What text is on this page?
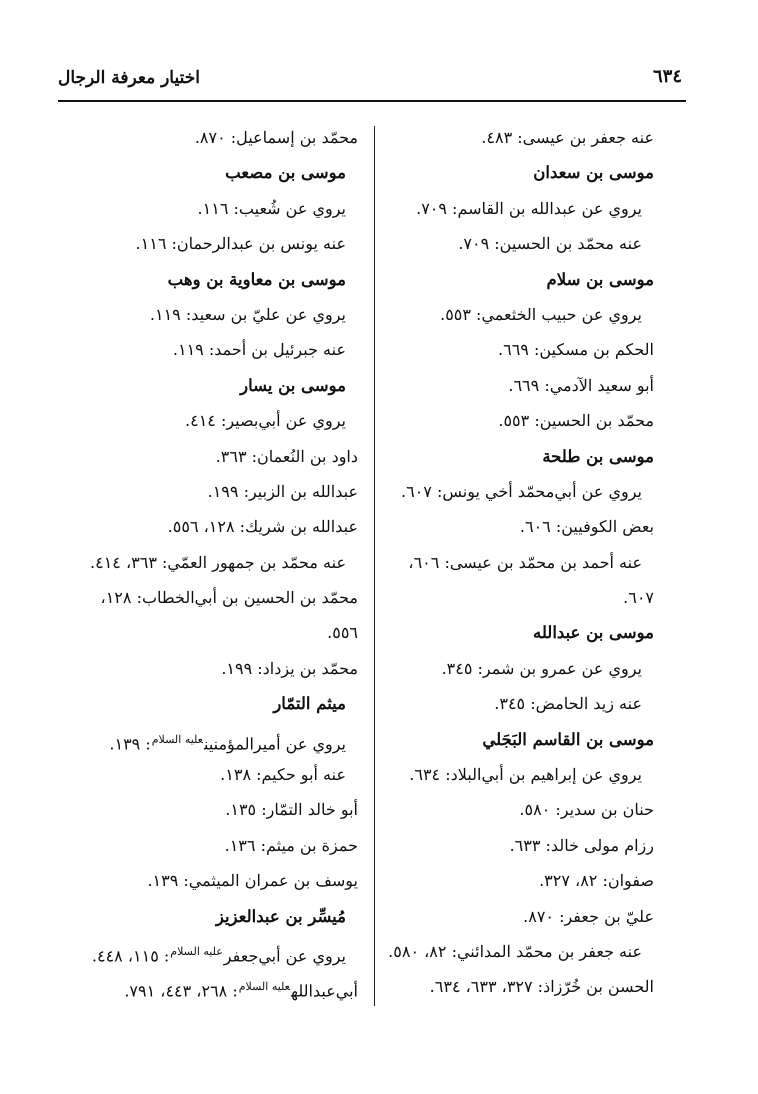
اختيار معرفة الرجال	٦٣٤
عنه جعفر بن عيسى: ٤٨٣.
موسى بن سعدان
يروي عن عبدالله بن القاسم: ٧٠٩.
عنه محمّد بن الحسين: ٧٠٩.
موسى بن سلام
يروي عن حبيب الخثعمي: ٥٥٣.
الحكم بن مسكين: ٦٦٩.
أبو سعيد الآدمي: ٦٦٩.
محمّد بن الحسين: ٥٥٣.
موسى بن طلحة
يروي عن أبي‌محمّد أخي يونس: ٦٠٧.
بعض الكوفيين: ٦٠٦.
عنه أحمد بن محمّد بن عيسى: ٦٠٦،
٦٠٧.
موسى بن عبدالله
يروي عن عمرو بن شمر: ٣٤٥.
عنه زيد الحامض: ٣٤٥.
موسى بن القاسم البَجَلي
يروي عن إبراهيم بن أبي‌البلاد: ٦٣٤.
حنان بن سدير: ٥٨٠.
رزام مولى خالد: ٦٣٣.
صفوان: ٨٢، ٣٢٧.
عليّ بن جعفر: ٨٧٠.
عنه جعفر بن محمّد المدائني: ٨٢، ٥٨٠.
الحسن بن خُرّزاذ: ٣٢٧، ٦٣٣، ٦٣٤.
محمّد بن إسماعيل: ٨٧٠.
موسى بن مصعب
يروي عن شُعيب: ١١٦.
عنه يونس بن عبدالرحمان: ١١٦.
موسى بن معاوية بن وهب
يروي عن عليّ بن سعيد: ١١٩.
عنه جبرئيل بن أحمد: ١١٩.
موسى بن يسار
يروي عن أبي‌بصير: ٤١٤.
داود بن النُعمان: ٣٦٣.
عبدالله بن الزبير: ١٩٩.
عبدالله بن شريك: ١٢٨، ٥٥٦.
عنه محمّد بن جمهور العمّي: ٣٦٣، ٤١٤.
محمّد بن الحسين بن أبي‌الخطاب: ١٢٨،
٥٥٦.
محمّد بن يزداد: ١٩٩.
ميثم التمّار
يروي عن أميرالمؤمنين$^{عليه السلام}$: ١٣٩.
عنه أبو حكيم: ١٣٨.
أبو خالد التمّار: ١٣٥.
حمزة بن ميثم: ١٣٦.
يوسف بن عمران الميثمي: ١٣٩.
مُيسِّر بن عبدالعزيز
يروي عن أبي‌جعفر$^{عليه السلام}$: ١١٥، ٤٤٨.
أبي‌عبدالله$^{عليه السلام}$: ٢٦٨، ٤٤٣، ٧٩١.
